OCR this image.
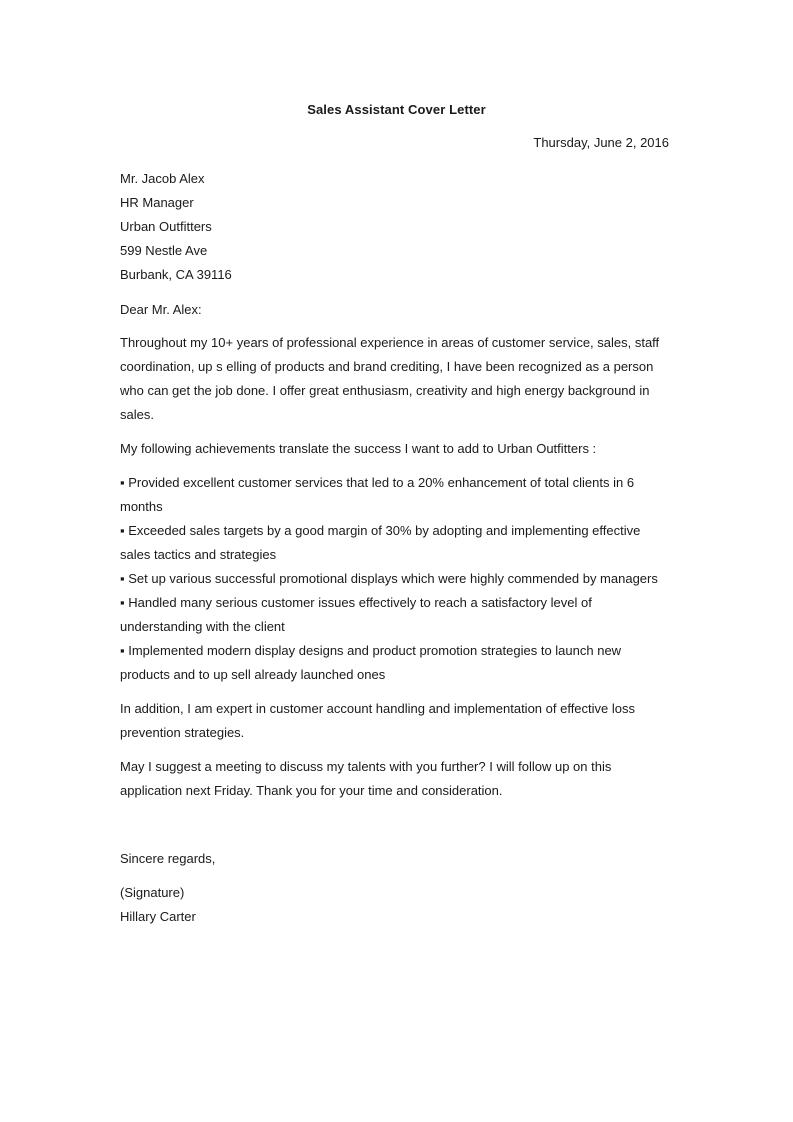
Sales Assistant Cover Letter
Thursday, June 2, 2016
Mr. Jacob Alex
HR Manager
Urban Outfitters
599 Nestle Ave
Burbank, CA 39116
Dear Mr. Alex:
Throughout my 10+ years of professional experience in areas of customer service, sales, staff
coordination, up s elling of products and brand crediting, I have been recognized as a person
who can get the job done. I offer great enthusiasm, creativity and high energy background in
sales.
My following achievements translate the success I want to add to Urban Outfitters :
▪ Provided excellent customer services that led to a 20% enhancement of total clients in 6
months
▪ Exceeded sales targets by a good margin of 30% by adopting and implementing effective
sales tactics and strategies
▪ Set up various successful promotional displays which were highly commended by managers
▪ Handled many serious customer issues effectively to reach a satisfactory level of
understanding with the client
▪ Implemented modern display designs and product promotion strategies to launch new
products and to up sell already launched ones
In addition, I am expert in customer account handling and implementation of effective loss
prevention strategies.
May I suggest a meeting to discuss my talents with you further? I will follow up on this
application next Friday. Thank you for your time and consideration.
Sincere regards,
(Signature)
Hillary Carter
